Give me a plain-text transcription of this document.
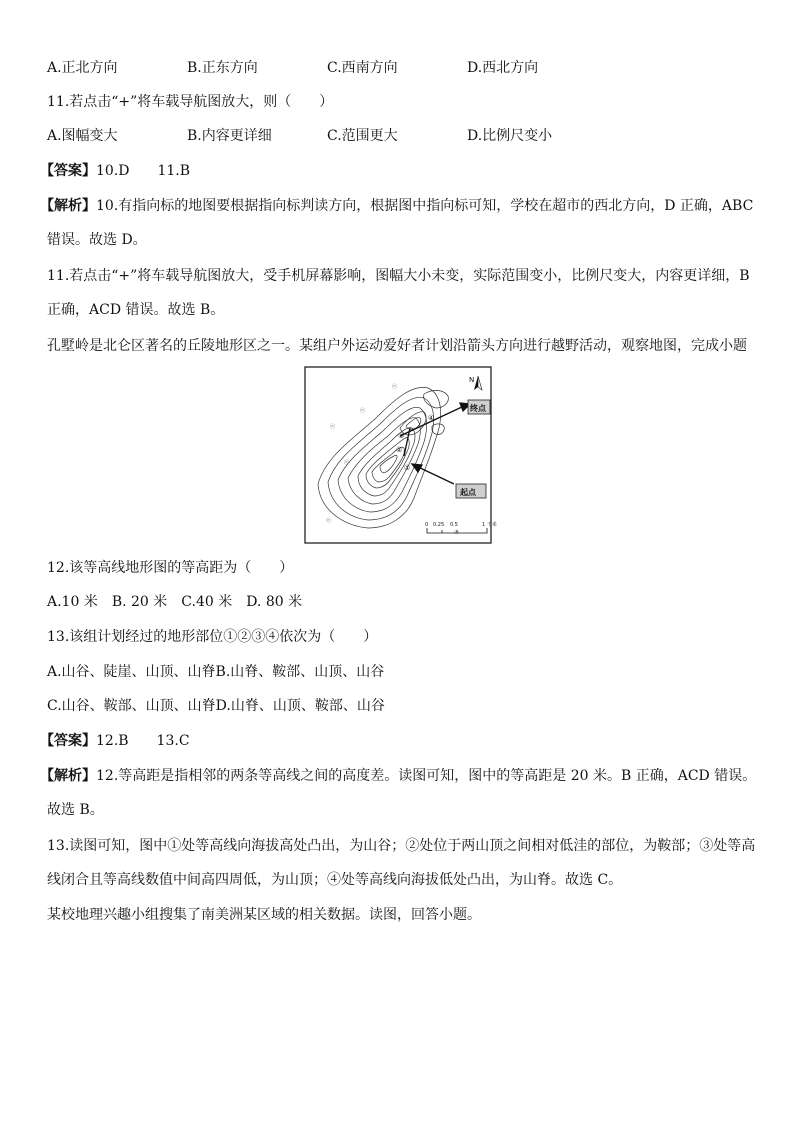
A.正北方向	B.正东方向	C.西南方向	D.西北方向
11.若点击“+”将车载导航图放大，则（　　）
A.图幅变大	B.内容更详细	C.范围更大	D.比例尺变小
【答案】10.D　　11.B
【解析】10.有指向标的地图要根据指向标判读方向，根据图中指向标可知，学校在超市的西北方向，D 正确，ABC
错误。故选 D。
11.若点击“+”将车载导航图放大，受手机屏幕影响，图幅大小未变，实际范围变小，比例尺变大，内容更详细，B
正确，ACD 错误。故选 B。
孔墅岭是北仑区著名的丘陵地形区之一。某组户外运动爱好者计划沿箭头方向进行越野活动，观察地图，完成小题
ⓔ
ⓔ
ⓔ
ⓔ
ⓔ
ⓔ
①
②
③
④
终点
起点
N
0 0.25 0.5	1 千米
12.该等高线地形图的等高距为（　　）
A.10 米　B. 20 米　C.40 米　D. 80 米
13.该组计划经过的地形部位①②③④依次为（　　）
A.山谷、陡崖、山顶、山脊B.山脊、鞍部、山顶、山谷
C.山谷、鞍部、山顶、山脊D.山脊、山顶、鞍部、山谷
【答案】12.B　　13.C
【解析】12.等高距是指相邻的两条等高线之间的高度差。读图可知，图中的等高距是 20 米。B 正确，ACD 错误。
故选 B。
13.读图可知，图中①处等高线向海拔高处凸出，为山谷；②处位于两山顶之间相对低洼的部位，为鞍部；③处等高
线闭合且等高线数值中间高四周低，为山顶；④处等高线向海拔低处凸出，为山脊。故选 C。
某校地理兴趣小组搜集了南美洲某区域的相关数据。读图，回答小题。
